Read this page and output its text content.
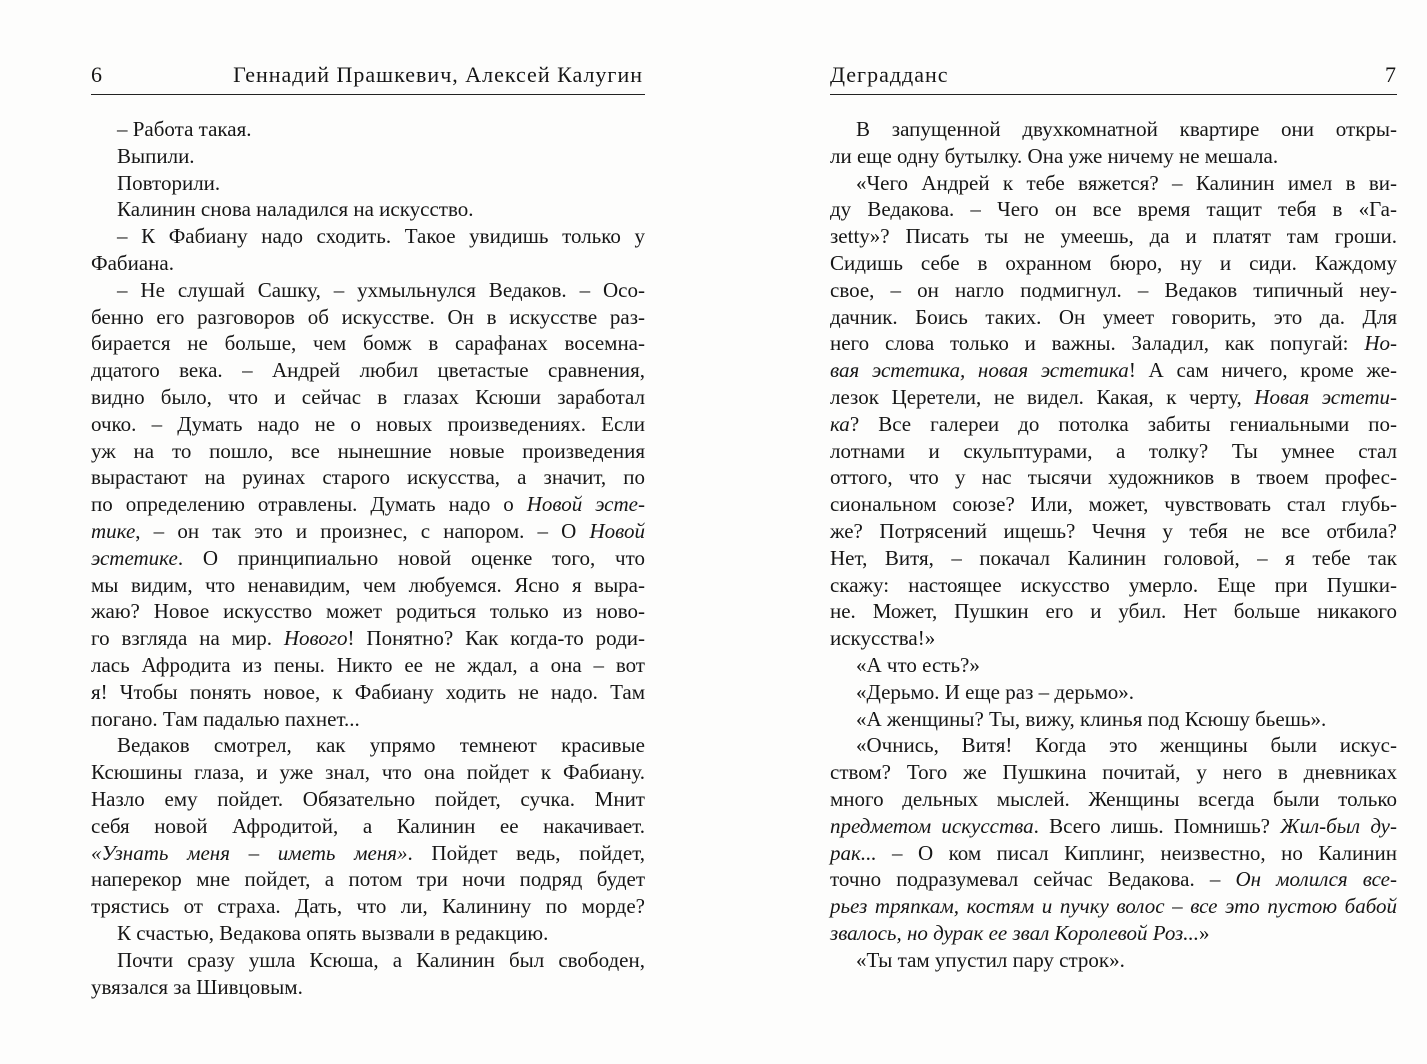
6	Геннадий Прашкевич, Алексей Калугин
– Работа такая.
Выпили.
Повторили.
Калинин снова наладился на искусство.
– К Фабиану надо сходить. Такое увидишь только у
Фабиана.
– Не слушай Сашку, – ухмыльнулся Ведаков. – Осо-
бенно его разговоров об искусстве. Он в искусстве раз-
бирается не больше, чем бомж в сарафанах восемна-
дцатого века. – Андрей любил цветастые сравнения,
видно было, что и сейчас в глазах Ксюши заработал
очко. – Думать надо не о новых произведениях. Если
уж на то пошло, все нынешние новые произведения
вырастают на руинах старого искусства, а значит, по
по определению отравлены. Думать надо о Новой эсте-
тике, – он так это и произнес, с напором. – О Новой
эстетике. О принципиально новой оценке того, что
мы видим, что ненавидим, чем любуемся. Ясно я выра-
жаю? Новое искусство может родиться только из ново-
го взгляда на мир. Нового! Понятно? Как когда-то роди-
лась Афродита из пены. Никто ее не ждал, а она – вот
я! Чтобы понять новое, к Фабиану ходить не надо. Там
погано. Там падалью пахнет...
Ведаков смотрел, как упрямо темнеют красивые
Ксюшины глаза, и уже знал, что она пойдет к Фабиану.
Назло ему пойдет. Обязательно пойдет, сучка. Мнит
себя новой Афродитой, а Калинин ее накачивает.
«Узнать меня – иметь меня». Пойдет ведь, пойдет,
наперекор мне пойдет, а потом три ночи подряд будет
трястись от страха. Дать, что ли, Калинину по морде?
К счастью, Ведакова опять вызвали в редакцию.
Почти сразу ушла Ксюша, а Калинин был свободен,
увязался за Шивцовым.
Деградданс	7
В запущенной двухкомнатной квартире они откры-
ли еще одну бутылку. Она уже ничему не мешала.
«Чего Андрей к тебе вяжется? – Калинин имел в ви-
ду Ведакова. – Чего он все время тащит тебя в «Га-
зetty»? Писать ты не умеешь, да и платят там гроши.
Сидишь себе в охранном бюро, ну и сиди. Каждому
свое, – он нагло подмигнул. – Ведаков типичный неу-
дачник. Боись таких. Он умеет говорить, это да. Для
него слова только и важны. Заладил, как попугай: Но-
вая эстетика, новая эстетика! А сам ничего, кроме же-
лезок Церетели, не видел. Какая, к черту, Новая эстети-
ка? Все галереи до потолка забиты гениальными по-
лотнами и скульптурами, а толку? Ты умнее стал
оттого, что у нас тысячи художников в твоем профес-
сиональном союзе? Или, может, чувствовать стал глубь-
же? Потрясений ищешь? Чечня у тебя не все отбила?
Нет, Витя, – покачал Калинин головой, – я тебе так
скажу: настоящее искусство умерло. Еще при Пушки-
не. Может, Пушкин его и убил. Нет больше никакого
искусства!»
«А что есть?»
«Дерьмо. И еще раз – дерьмо».
«А женщины? Ты, вижу, клинья под Ксюшу бьешь».
«Очнись, Витя! Когда это женщины были искус-
ством? Того же Пушкина почитай, у него в дневниках
много дельных мыслей. Женщины всегда были только
предметом искусства. Всего лишь. Помнишь? Жил-был ду-
рак... – О ком писал Киплинг, неизвестно, но Калинин
точно подразумевал сейчас Ведакова. – Он молился все-
рьез тряпкам, костям и пучку волос – все это пустою бабой
звалось, но дурак ее звал Королевой Роз...»
«Ты там упустил пару строк».
